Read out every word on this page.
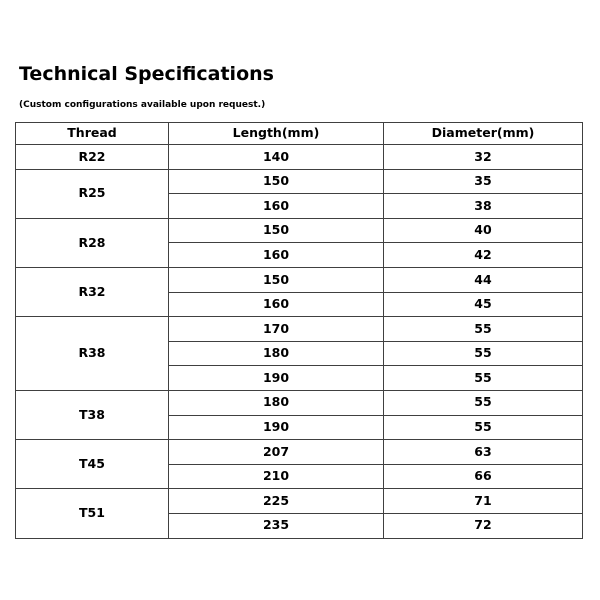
Technical Specifications
(Custom configurations available upon request.)
Thread	Length(mm)	Diameter(mm)
R22	140	32
R25	150	35
	160	38
R28	150	40
	160	42
R32	150	44
	160	45
R38	170	55
	180	55
	190	55
T38	180	55
	190	55
T45	207	63
	210	66
T51	225	71
	235	72
